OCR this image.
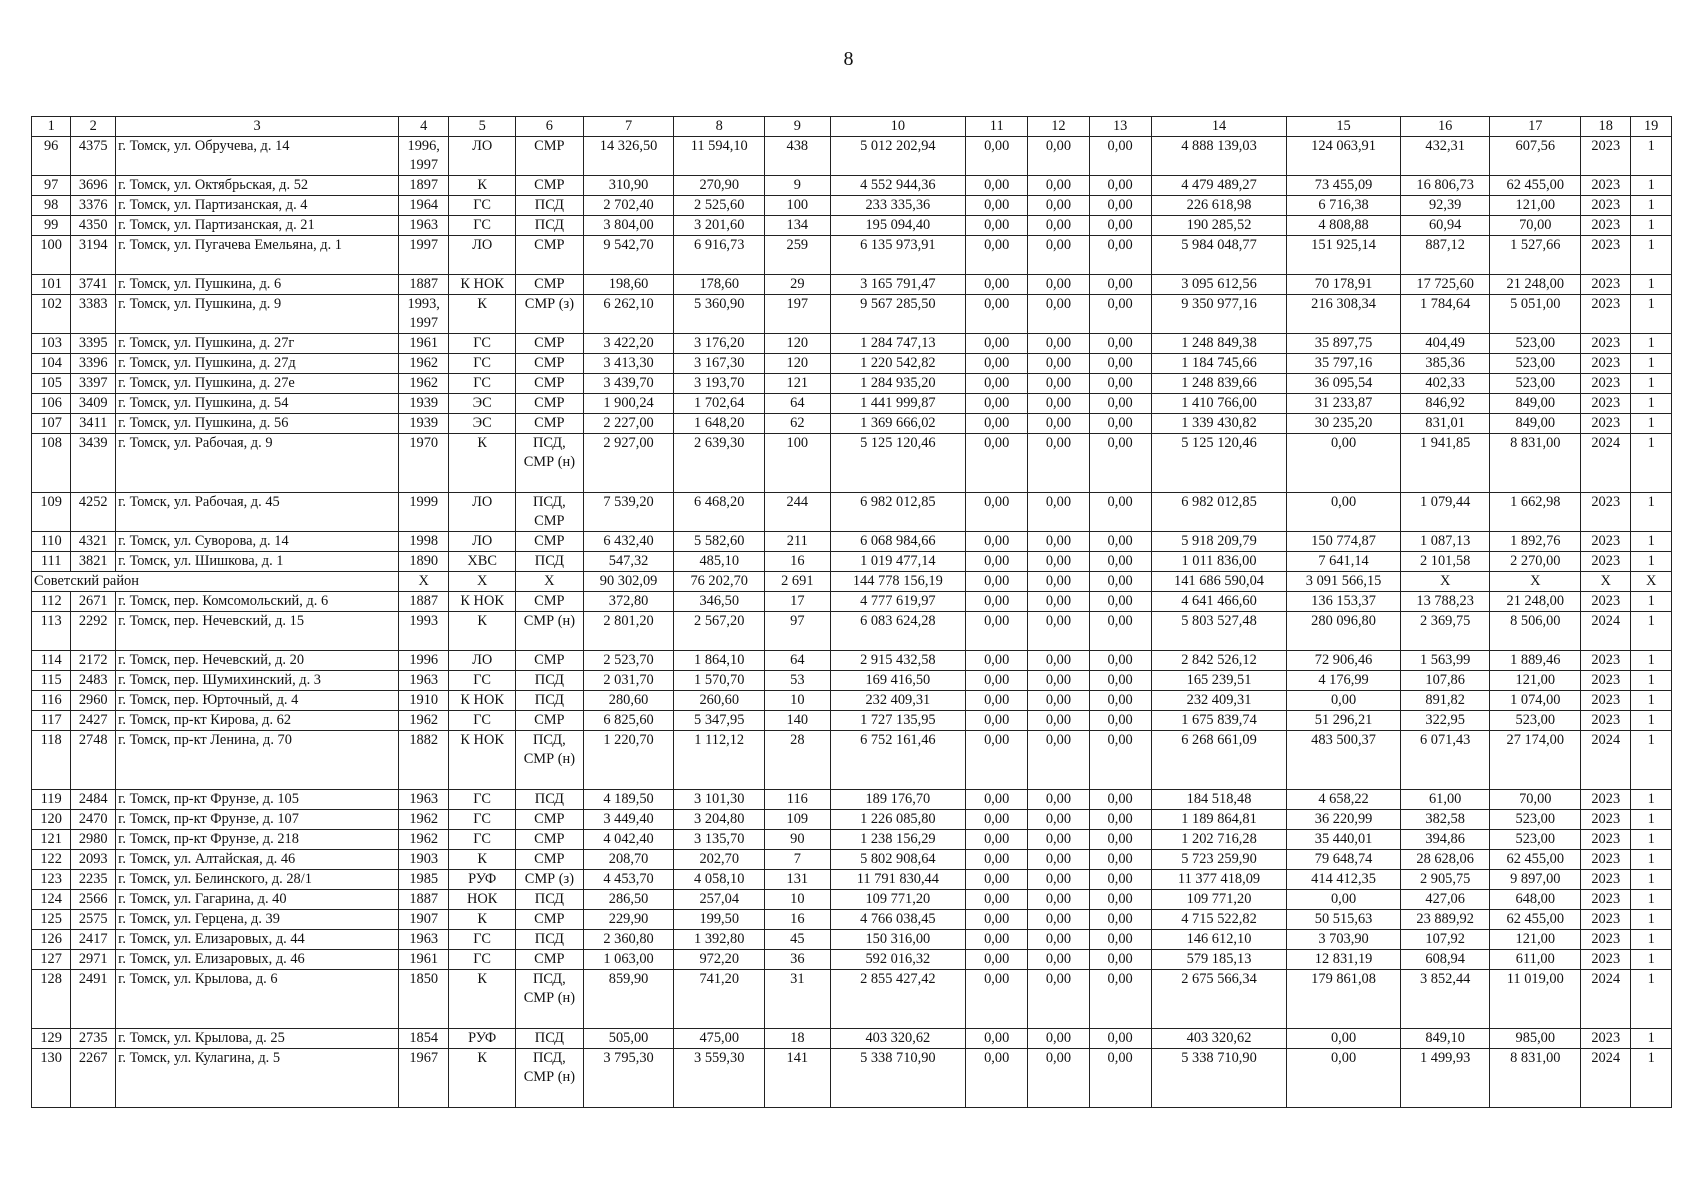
8
1	2	3	4	5	6	7	8	9	10	11	12	13	14	15	16	17	18	19
96	4375	г. Томск, ул. Обручева, д. 14	1996, 1997	ЛО	СМР	14 326,50	11 594,10	438	5 012 202,94	0,00	0,00	0,00	4 888 139,03	124 063,91	432,31	607,56	2023	1
97	3696	г. Томск, ул. Октябрьская, д. 52	1897	К	СМР	310,90	270,90	9	4 552 944,36	0,00	0,00	0,00	4 479 489,27	73 455,09	16 806,73	62 455,00	2023	1
98	3376	г. Томск, ул. Партизанская, д. 4	1964	ГС	ПСД	2 702,40	2 525,60	100	233 335,36	0,00	0,00	0,00	226 618,98	6 716,38	92,39	121,00	2023	1
99	4350	г. Томск, ул. Партизанская, д. 21	1963	ГС	ПСД	3 804,00	3 201,60	134	195 094,40	0,00	0,00	0,00	190 285,52	4 808,88	60,94	70,00	2023	1
100	3194	г. Томск, ул. Пугачева Емельяна, д. 1	1997	ЛО	СМР	9 542,70	6 916,73	259	6 135 973,91	0,00	0,00	0,00	5 984 048,77	151 925,14	887,12	1 527,66	2023	1
101	3741	г. Томск, ул. Пушкина, д. 6	1887	К НОК	СМР	198,60	178,60	29	3 165 791,47	0,00	0,00	0,00	3 095 612,56	70 178,91	17 725,60	21 248,00	2023	1
102	3383	г. Томск, ул. Пушкина, д. 9	1993, 1997	К	СМР (з)	6 262,10	5 360,90	197	9 567 285,50	0,00	0,00	0,00	9 350 977,16	216 308,34	1 784,64	5 051,00	2023	1
103	3395	г. Томск, ул. Пушкина, д. 27г	1961	ГС	СМР	3 422,20	3 176,20	120	1 284 747,13	0,00	0,00	0,00	1 248 849,38	35 897,75	404,49	523,00	2023	1
104	3396	г. Томск, ул. Пушкина, д. 27д	1962	ГС	СМР	3 413,30	3 167,30	120	1 220 542,82	0,00	0,00	0,00	1 184 745,66	35 797,16	385,36	523,00	2023	1
105	3397	г. Томск, ул. Пушкина, д. 27е	1962	ГС	СМР	3 439,70	3 193,70	121	1 284 935,20	0,00	0,00	0,00	1 248 839,66	36 095,54	402,33	523,00	2023	1
106	3409	г. Томск, ул. Пушкина, д. 54	1939	ЭС	СМР	1 900,24	1 702,64	64	1 441 999,87	0,00	0,00	0,00	1 410 766,00	31 233,87	846,92	849,00	2023	1
107	3411	г. Томск, ул. Пушкина, д. 56	1939	ЭС	СМР	2 227,00	1 648,20	62	1 369 666,02	0,00	0,00	0,00	1 339 430,82	30 235,20	831,01	849,00	2023	1
108	3439	г. Томск, ул. Рабочая, д. 9	1970	К	ПСД, СМР (н)	2 927,00	2 639,30	100	5 125 120,46	0,00	0,00	0,00	5 125 120,46	0,00	1 941,85	8 831,00	2024	1
109	4252	г. Томск, ул. Рабочая, д. 45	1999	ЛО	ПСД, СМР	7 539,20	6 468,20	244	6 982 012,85	0,00	0,00	0,00	6 982 012,85	0,00	1 079,44	1 662,98	2023	1
110	4321	г. Томск, ул. Суворова, д. 14	1998	ЛО	СМР	6 432,40	5 582,60	211	6 068 984,66	0,00	0,00	0,00	5 918 209,79	150 774,87	1 087,13	1 892,76	2023	1
111	3821	г. Томск, ул. Шишкова, д. 1	1890	ХВС	ПСД	547,32	485,10	16	1 019 477,14	0,00	0,00	0,00	1 011 836,00	7 641,14	2 101,58	2 270,00	2023	1
Советский район			Х	Х	Х	90 302,09	76 202,70	2 691	144 778 156,19	0,00	0,00	0,00	141 686 590,04	3 091 566,15	Х	Х	Х	Х
112	2671	г. Томск, пер. Комсомольский, д. 6	1887	К НОК	СМР	372,80	346,50	17	4 777 619,97	0,00	0,00	0,00	4 641 466,60	136 153,37	13 788,23	21 248,00	2023	1
113	2292	г. Томск, пер. Нечевский, д. 15	1993	К	СМР (н)	2 801,20	2 567,20	97	6 083 624,28	0,00	0,00	0,00	5 803 527,48	280 096,80	2 369,75	8 506,00	2024	1
114	2172	г. Томск, пер. Нечевский, д. 20	1996	ЛО	СМР	2 523,70	1 864,10	64	2 915 432,58	0,00	0,00	0,00	2 842 526,12	72 906,46	1 563,99	1 889,46	2023	1
115	2483	г. Томск, пер. Шумихинский, д. 3	1963	ГС	ПСД	2 031,70	1 570,70	53	169 416,50	0,00	0,00	0,00	165 239,51	4 176,99	107,86	121,00	2023	1
116	2960	г. Томск, пер. Юрточный, д. 4	1910	К НОК	ПСД	280,60	260,60	10	232 409,31	0,00	0,00	0,00	232 409,31	0,00	891,82	1 074,00	2023	1
117	2427	г. Томск, пр-кт Кирова, д. 62	1962	ГС	СМР	6 825,60	5 347,95	140	1 727 135,95	0,00	0,00	0,00	1 675 839,74	51 296,21	322,95	523,00	2023	1
118	2748	г. Томск, пр-кт Ленина, д. 70	1882	К НОК	ПСД, СМР (н)	1 220,70	1 112,12	28	6 752 161,46	0,00	0,00	0,00	6 268 661,09	483 500,37	6 071,43	27 174,00	2024	1
119	2484	г. Томск, пр-кт Фрунзе, д. 105	1963	ГС	ПСД	4 189,50	3 101,30	116	189 176,70	0,00	0,00	0,00	184 518,48	4 658,22	61,00	70,00	2023	1
120	2470	г. Томск, пр-кт Фрунзе, д. 107	1962	ГС	СМР	3 449,40	3 204,80	109	1 226 085,80	0,00	0,00	0,00	1 189 864,81	36 220,99	382,58	523,00	2023	1
121	2980	г. Томск, пр-кт Фрунзе, д. 218	1962	ГС	СМР	4 042,40	3 135,70	90	1 238 156,29	0,00	0,00	0,00	1 202 716,28	35 440,01	394,86	523,00	2023	1
122	2093	г. Томск, ул. Алтайская, д. 46	1903	К	СМР	208,70	202,70	7	5 802 908,64	0,00	0,00	0,00	5 723 259,90	79 648,74	28 628,06	62 455,00	2023	1
123	2235	г. Томск, ул. Белинского, д. 28/1	1985	РУФ	СМР (з)	4 453,70	4 058,10	131	11 791 830,44	0,00	0,00	0,00	11 377 418,09	414 412,35	2 905,75	9 897,00	2023	1
124	2566	г. Томск, ул. Гагарина, д. 40	1887	НОК	ПСД	286,50	257,04	10	109 771,20	0,00	0,00	0,00	109 771,20	0,00	427,06	648,00	2023	1
125	2575	г. Томск, ул. Герцена, д. 39	1907	К	СМР	229,90	199,50	16	4 766 038,45	0,00	0,00	0,00	4 715 522,82	50 515,63	23 889,92	62 455,00	2023	1
126	2417	г. Томск, ул. Елизаровых, д. 44	1963	ГС	ПСД	2 360,80	1 392,80	45	150 316,00	0,00	0,00	0,00	146 612,10	3 703,90	107,92	121,00	2023	1
127	2971	г. Томск, ул. Елизаровых, д. 46	1961	ГС	СМР	1 063,00	972,20	36	592 016,32	0,00	0,00	0,00	579 185,13	12 831,19	608,94	611,00	2023	1
128	2491	г. Томск, ул. Крылова, д. 6	1850	К	ПСД, СМР (н)	859,90	741,20	31	2 855 427,42	0,00	0,00	0,00	2 675 566,34	179 861,08	3 852,44	11 019,00	2024	1
129	2735	г. Томск, ул. Крылова, д. 25	1854	РУФ	ПСД	505,00	475,00	18	403 320,62	0,00	0,00	0,00	403 320,62	0,00	849,10	985,00	2023	1
130	2267	г. Томск, ул. Кулагина, д. 5	1967	К	ПСД, СМР (н)	3 795,30	3 559,30	141	5 338 710,90	0,00	0,00	0,00	5 338 710,90	0,00	1 499,93	8 831,00	2024	1
